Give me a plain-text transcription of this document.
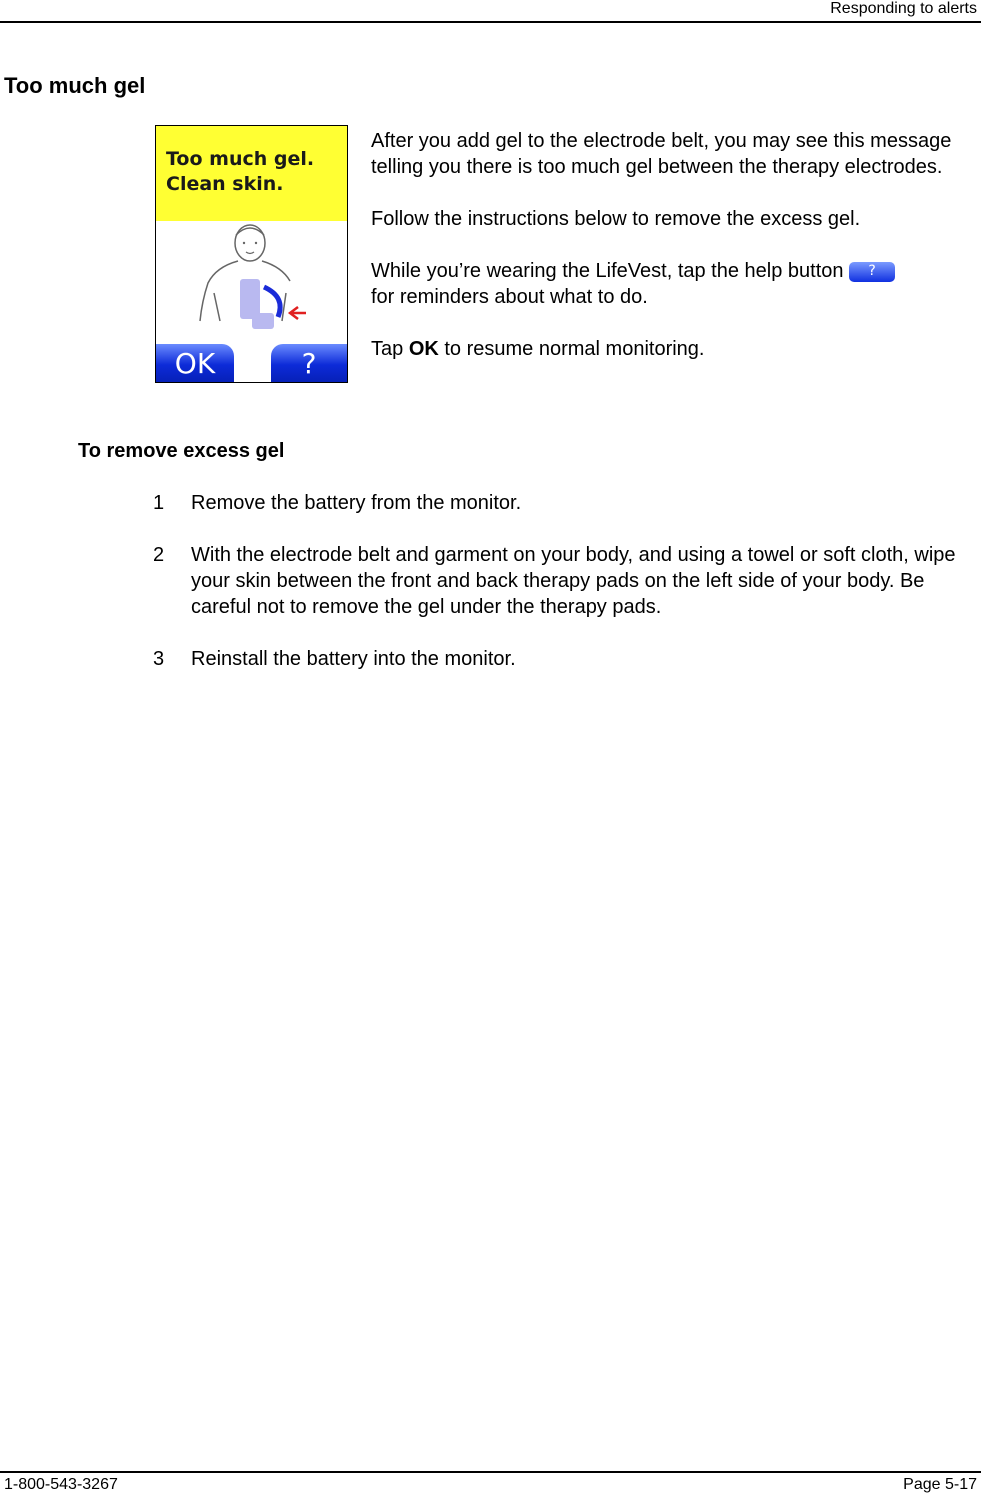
Responding to alerts
Too much gel
Too much gel.
Clean skin.
OK	?

After you add gel to the electrode belt, you may see this message telling you there is too much gel between the therapy electrodes.

Follow the instructions below to remove the excess gel.

While you’re wearing the LifeVest, tap the help button ?
for reminders about what to do.

Tap OK to resume normal monitoring.

To remove excess gel
1 Remove the battery from the monitor.
2 With the electrode belt and garment on your body, and using a towel or soft cloth, wipe your skin between the front and back therapy pads on the left side of your body. Be careful not to remove the gel under the therapy pads.
3 Reinstall the battery into the monitor.
1-800-543-3267	Page 5-17
